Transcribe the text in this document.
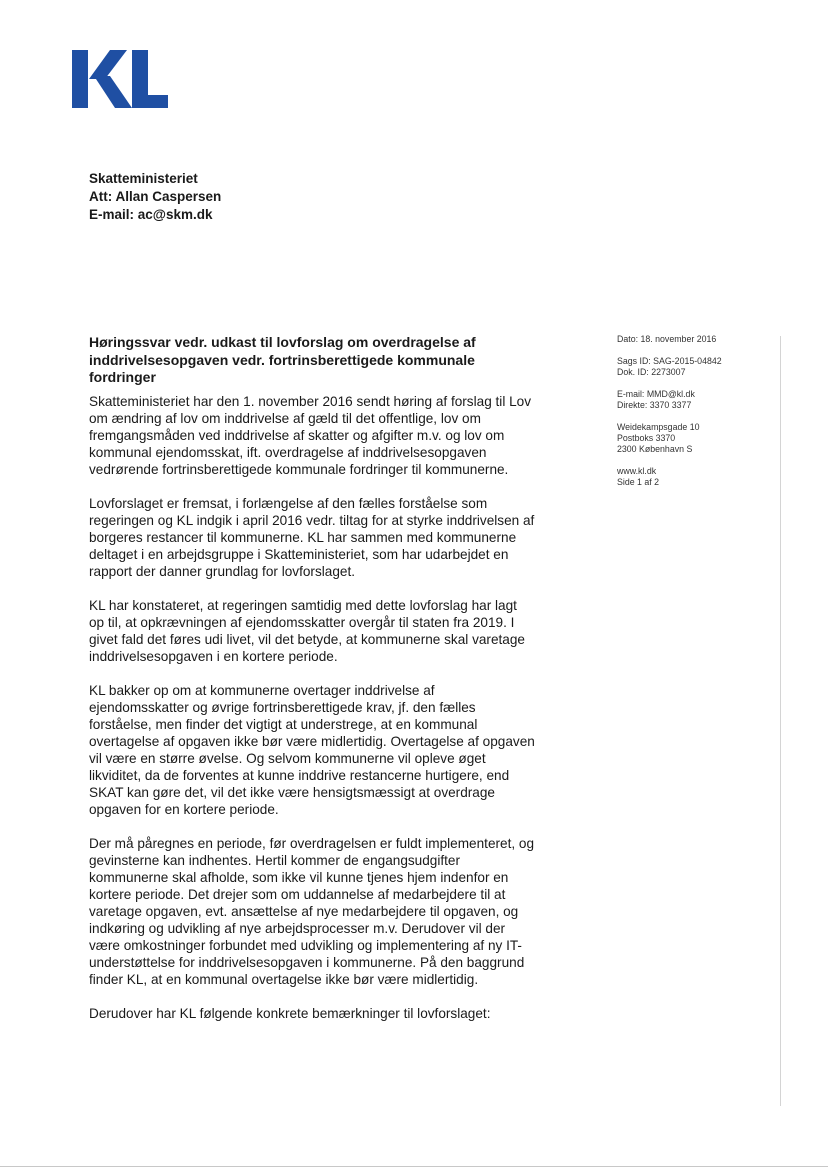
Skatteministeriet
Att: Allan Caspersen
E-mail: ac@skm.dk
Høringssvar vedr. udkast til lovforslag om overdragelse af inddrivelsesopgaven vedr. fortrinsberettigede kommunale fordringer

Skatteministeriet har den 1. november 2016 sendt høring af forslag til Lov om ændring af lov om inddrivelse af gæld til det offentlige, lov om fremgangsmåden ved inddrivelse af skatter og afgifter m.v. og lov om kommunal ejendomsskat, ift. overdragelse af inddrivelsesopgaven vedrørende fortrinsberettigede kommunale fordringer til kommunerne.

Lovforslaget er fremsat, i forlængelse af den fælles forståelse som regeringen og KL indgik i april 2016 vedr. tiltag for at styrke inddrivelsen af borgeres restancer til kommunerne. KL har sammen med kommunerne deltaget i en arbejdsgruppe i Skatteministeriet, som har udarbejdet en rapport der danner grundlag for lovforslaget.

KL har konstateret, at regeringen samtidig med dette lovforslag har lagt op til, at opkrævningen af ejendomsskatter overgår til staten fra 2019. I givet fald det føres udi livet, vil det betyde, at kommunerne skal varetage inddrivelsesopgaven i en kortere periode.

KL bakker op om at kommunerne overtager inddrivelse af ejendomsskatter og øvrige fortrinsberettigede krav, jf. den fælles forståelse, men finder det vigtigt at understrege, at en kommunal overtagelse af opgaven ikke bør være midlertidig. Overtagelse af opgaven vil være en større øvelse. Og selvom kommunerne vil opleve øget likviditet, da de forventes at kunne inddrive restancerne hurtigere, end SKAT kan gøre det, vil det ikke være hensigtsmæssigt at overdrage opgaven for en kortere periode.

Der må påregnes en periode, før overdragelsen er fuldt implementeret, og gevinsterne kan indhentes. Hertil kommer de engangsudgifter kommunerne skal afholde, som ikke vil kunne tjenes hjem indenfor en kortere periode. Det drejer som om uddannelse af medarbejdere til at varetage opgaven, evt. ansættelse af nye medarbejdere til opgaven, og indkøring og udvikling af nye arbejdsprocesser m.v. Derudover vil der være omkostninger forbundet med udvikling og implementering af ny IT-understøttelse for inddrivelsesopgaven i kommunerne. På den baggrund finder KL, at en kommunal overtagelse ikke bør være midlertidig.

Derudover har KL følgende konkrete bemærkninger til lovforslaget:

Dato: 18. november 2016
Sags ID: SAG-2015-04842
Dok. ID: 2273007
E-mail: MMD@kl.dk
Direkte: 3370 3377
Weidekampsgade 10
Postboks 3370
2300 København S
www.kl.dk
Side 1 af 2
